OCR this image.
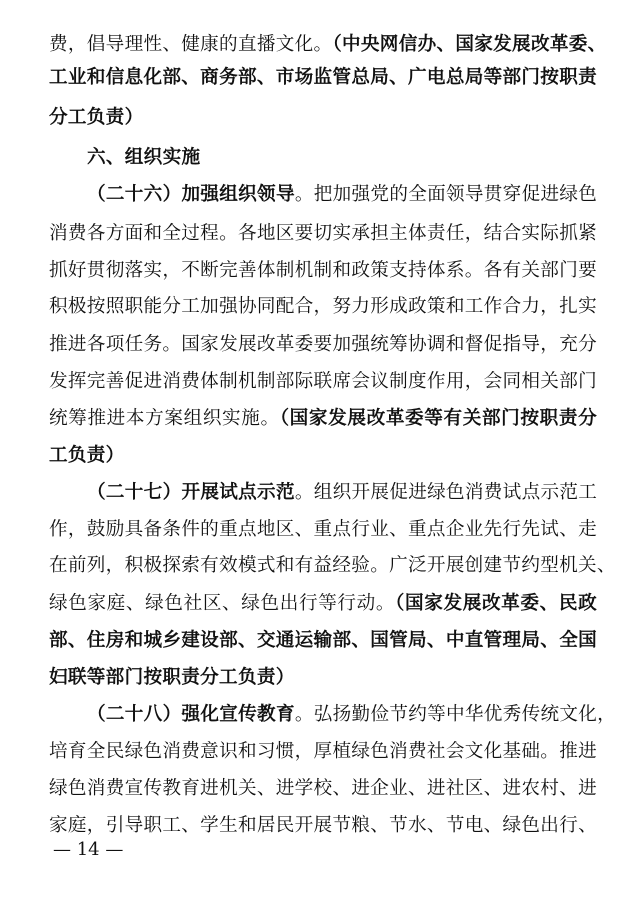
费，倡导理性、健康的直播文化。（中央网信办、国家发展改革委、
工业和信息化部、商务部、市场监管总局、广电总局等部门按职责
分工负责）
六、组织实施
（二十六）加强组织领导。把加强党的全面领导贯穿促进绿色
消费各方面和全过程。各地区要切实承担主体责任，结合实际抓紧
抓好贯彻落实，不断完善体制机制和政策支持体系。各有关部门要
积极按照职能分工加强协同配合，努力形成政策和工作合力，扎实
推进各项任务。国家发展改革委要加强统筹协调和督促指导，充分
发挥完善促进消费体制机制部际联席会议制度作用，会同相关部门
统筹推进本方案组织实施。（国家发展改革委等有关部门按职责分
工负责）
（二十七）开展试点示范。组织开展促进绿色消费试点示范工
作，鼓励具备条件的重点地区、重点行业、重点企业先行先试、走
在前列，积极探索有效模式和有益经验。广泛开展创建节约型机关、
绿色家庭、绿色社区、绿色出行等行动。（国家发展改革委、民政
部、住房和城乡建设部、交通运输部、国管局、中直管理局、全国
妇联等部门按职责分工负责）
（二十八）强化宣传教育。弘扬勤俭节约等中华优秀传统文化，
培育全民绿色消费意识和习惯，厚植绿色消费社会文化基础。推进
绿色消费宣传教育进机关、进学校、进企业、进社区、进农村、进
家庭，引导职工、学生和居民开展节粮、节水、节电、绿色出行、
— 14 —
